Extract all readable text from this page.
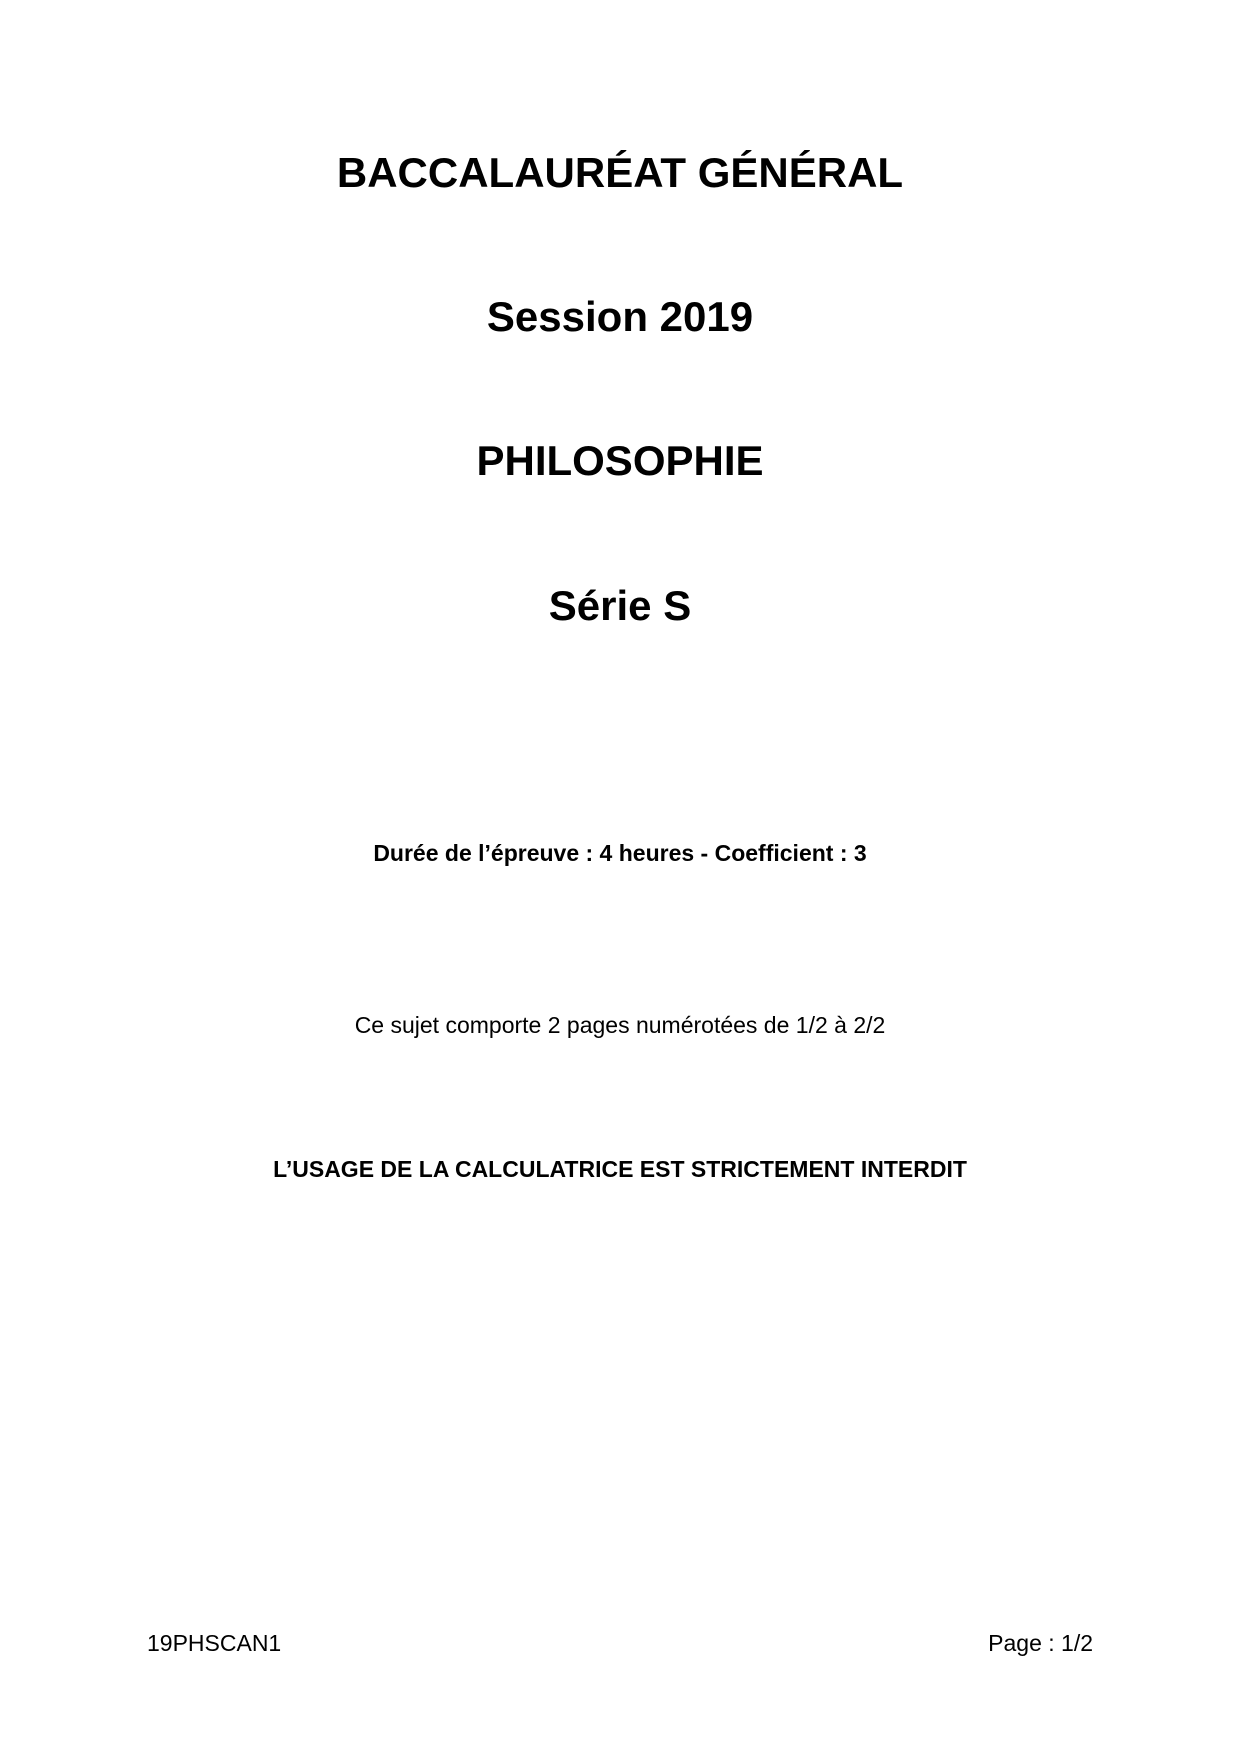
BACCALAURÉAT GÉNÉRAL
Session 2019
PHILOSOPHIE
Série S
Durée de l’épreuve : 4 heures - Coefficient : 3
Ce sujet comporte 2 pages numérotées de 1/2 à 2/2
L’USAGE DE LA CALCULATRICE EST STRICTEMENT INTERDIT
19PHSCAN1	Page : 1/2
